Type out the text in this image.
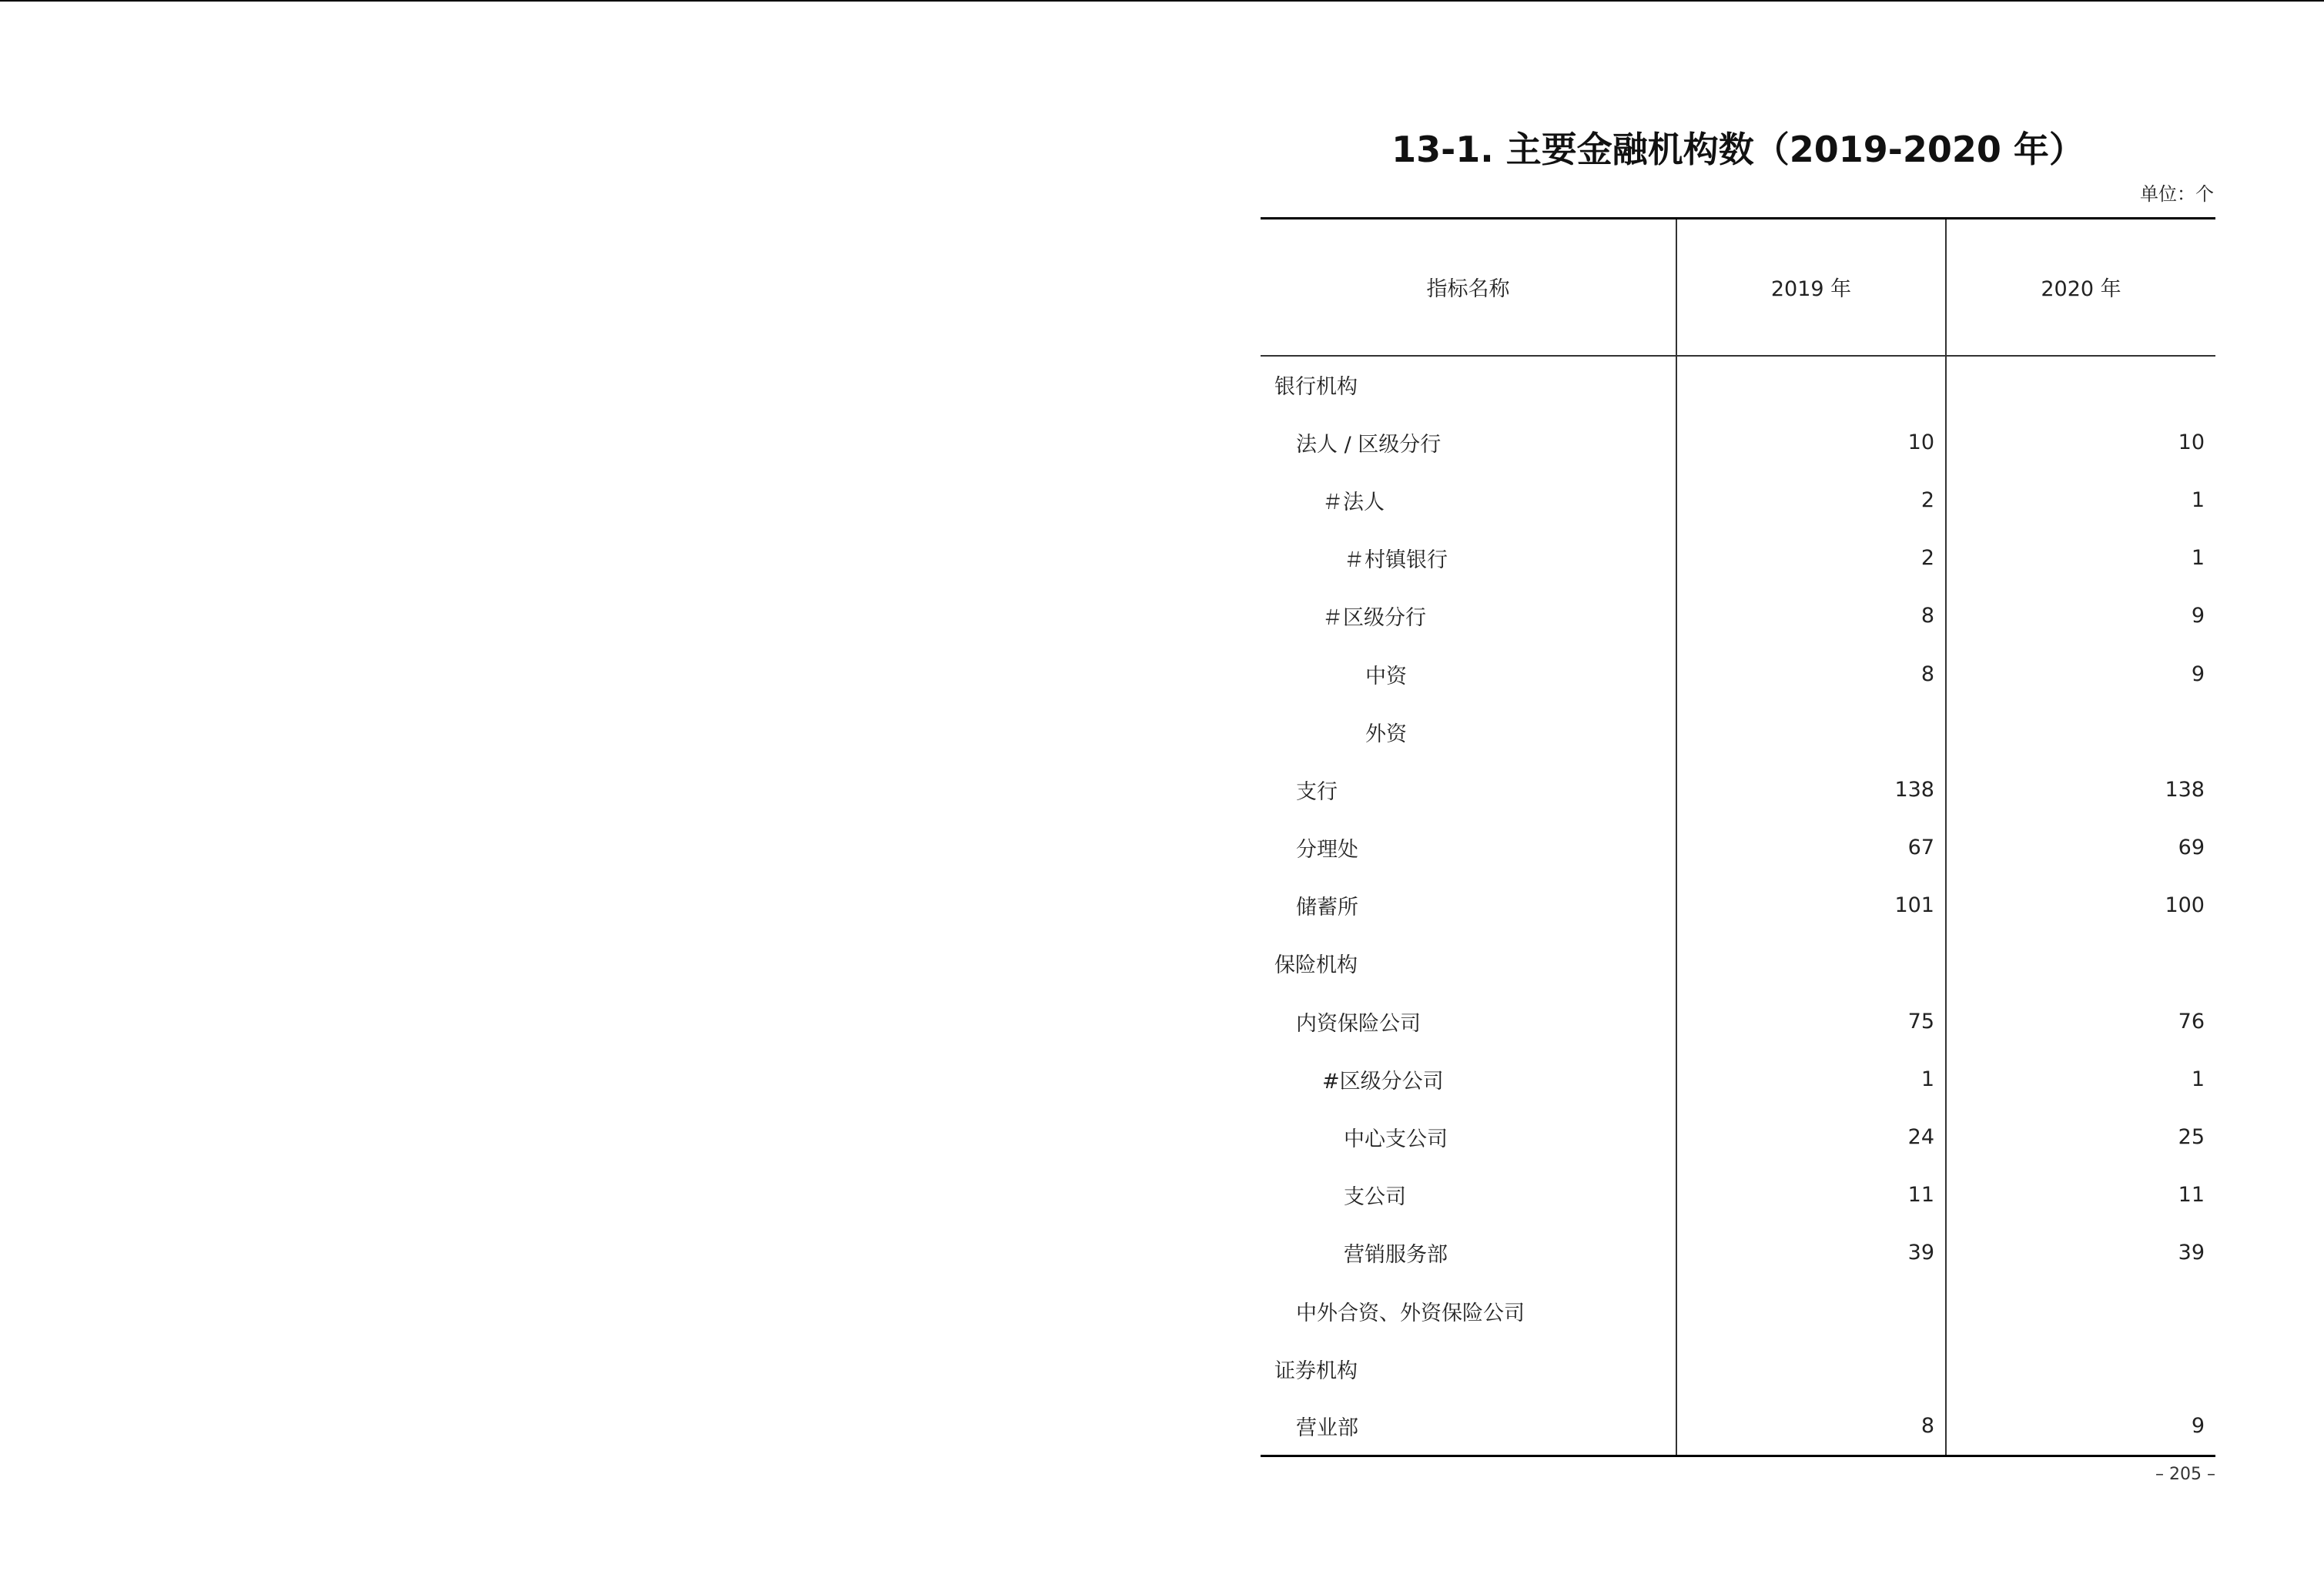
13-1. 主要金融机构数（2019-2020 年）
单位：个
指标名称	2019 年	2020 年
银行机构		
法人 / 区级分行	10	10
＃法人	2	1
＃村镇银行	2	1
＃区级分行	8	9
中资	8	9
外资		
支行	138	138
分理处	67	69
储蓄所	101	100
保险机构		
内资保险公司	75	76
#区级分公司	1	1
中心支公司	24	25
支公司	11	11
营销服务部	39	39
中外合资、外资保险公司		
证券机构		
营业部	8	9
– 205 –
